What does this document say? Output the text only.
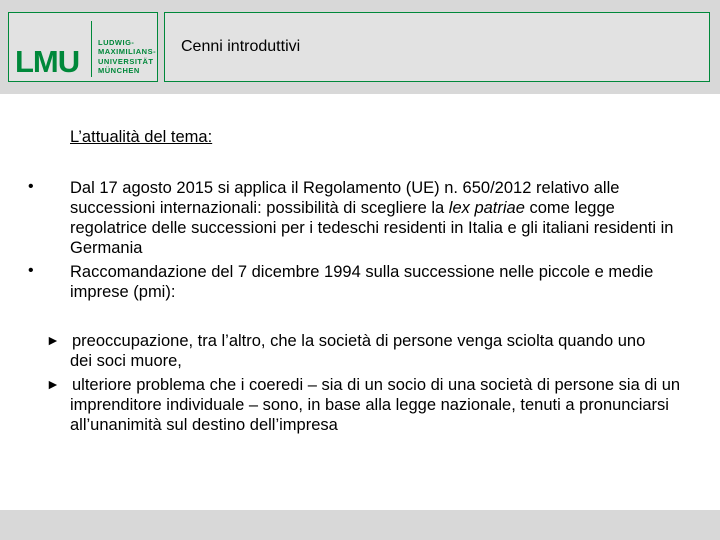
LMU
LUDWIG-
MAXIMILIANS-
UNIVERSITÄT
MÜNCHEN
Cenni introduttivi
L’attualità del tema:
• Dal 17 agosto 2015 si applica il Regolamento (UE) n. 650/2012 relativo alle successioni internazionali: possibilità di scegliere la lex patriae come legge regolatrice delle successioni per i tedeschi residenti in Italia e gli italiani residenti in Germania
• Raccomandazione del 7 dicembre 1994 sulla successione nelle piccole e medie imprese (pmi):
► preoccupazione, tra l’altro, che la società di persone venga sciolta quando uno dei soci muore,
► ulteriore problema che i coeredi – sia di un socio di una società di persone sia di un imprenditore individuale – sono, in base alla legge nazionale, tenuti a pronunciarsi all’unanimità sul destino dell’impresa
